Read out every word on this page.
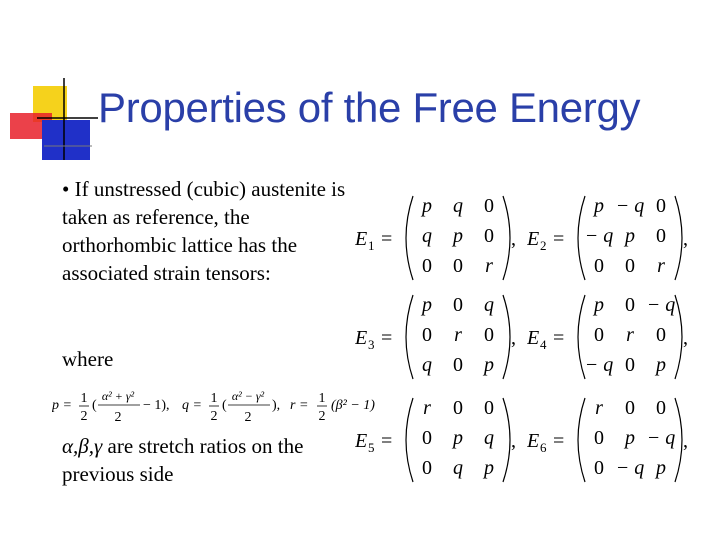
Properties of the Free Energy
• If unstressed (cubic) austenite is
taken as reference, the
orthorhombic lattice has the
associated strain tensors:
where
p = 1
2
(
α² + γ²
2
− 1), q = 1
2
(
α² − γ²
2
), r = 1
2
(β² − 1)
α,β,γ are stretch ratios on the
previous side
E 1 =
p q 0
q p 0
0 0 r
, E 2 =
p − q 0
− q p 0
0 0 r
,
E 3 =
p 0 q
0 r 0
q 0 p
, E 4 =
p 0 − q
0 r 0
− q 0 p
,
E 5 =
r 0 0
0 p q
0 q p
, E 6 =
r 0 0
0 p − q
0 − q p
,
